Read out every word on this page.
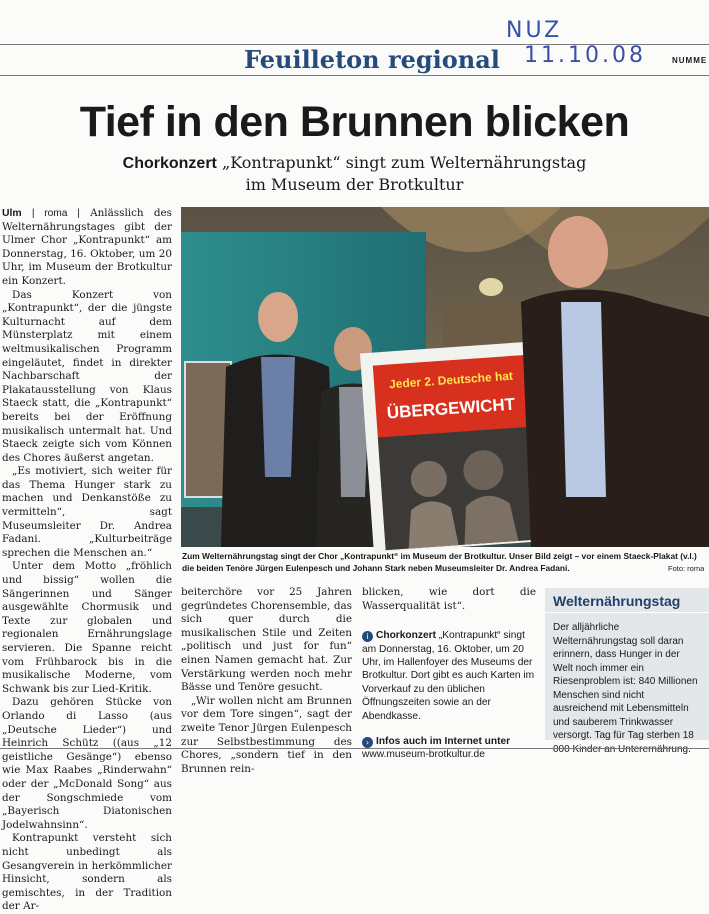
NUZ 11.10.08
Feuilleton regional	NUMME
Tief in den Brunnen blicken
Chorkonzert „Kontrapunkt“ singt zum Welternährungstag
im Museum der Brotkultur

Ulm | roma | Anlässlich des Welternährungstages gibt der Ulmer Chor „Kontrapunkt“ am Donnerstag, 16. Oktober, um 20 Uhr, im Museum der Brotkultur ein Konzert.

Das Konzert von „Kontrapunkt“, der die jüngste Kulturnacht auf dem Münsterplatz mit einem weltmusikalischen Programm eingeläutet, findet in direkter Nachbarschaft der Plakatausstellung von Klaus Staeck statt, die „Kontrapunkt“ bereits bei der Eröffnung musikalisch untermalt hat. Und Staeck zeigte sich vom Können des Chores äußerst angetan.

„Es motiviert, sich weiter für das Thema Hunger stark zu machen und Denkanstöße zu vermitteln“, sagt Museumsleiter Dr. Andrea Fadani. „Kulturbeiträge sprechen die Menschen an.“

Unter dem Motto „fröhlich und bissig“ wollen die Sängerinnen und Sänger ausgewählte Chormusik und Texte zur globalen und regionalen Ernährungslage servieren. Die Spanne reicht vom Frühbarock bis in die musikalische Moderne, vom Schwank bis zur Lied-Kritik.

Dazu gehören Stücke von Orlando di Lasso (aus „Deutsche Lieder“) und Heinrich Schütz ((aus „12 geistliche Gesänge“) ebenso wie Max Raabes „Rinderwahn“ oder der „McDonald Song“ aus der Songschmiede vom „Bayerisch Diatonischen Jodelwahnsinn“.

Kontrapunkt versteht sich nicht unbedingt als Gesangverein in herkömmlicher Hinsicht, sondern als gemischtes, in der Tradition der Ar-

Jeder 2. Deutsche hat
ÜBERGEWICHT
Zum Welternährungstag singt der Chor „Kontrapunkt“ im Museum der Brotkultur. Unser Bild zeigt – vor einem Staeck-Plakat (v.l.) die beiden Tenöre Jürgen Eulenpesch und Johann Stark neben Museumsleiter Dr. Andrea Fadani.	Foto: roma

beiterchöre vor 25 Jahren gegründetes Chorensemble, das sich quer durch die musikalischen Stile und Zeiten „politisch und just for fun“ einen Namen gemacht hat. Zur Verstärkung werden noch mehr Bässe und Tenöre gesucht.

„Wir wollen nicht am Brunnen vor dem Tore singen“, sagt der zweite Tenor Jürgen Eulenpesch zur Selbstbestimmung des Chores, „sondern tief in den Brunnen rein-

blicken, wie dort die Wasserqualität ist“.
i Chorkonzert „Kontrapunkt“ singt am Donnerstag, 16. Oktober, um 20 Uhr, im Hallenfoyer des Museums der Brotkultur. Dort gibt es auch Karten im Vorverkauf zu den üblichen Öffnungszeiten sowie an der Abendkasse.
› Infos auch im Internet unter
www.museum-brotkultur.de
Welternährungstag
Der alljährliche Welternährungstag soll daran erinnern, dass Hunger in der Welt noch immer ein Riesenproblem ist: 840 Millionen Menschen sind nicht ausreichend mit Lebensmitteln und sauberem Trinkwasser versorgt. Tag für Tag sterben 18 000 Kinder an Unterernährung.
